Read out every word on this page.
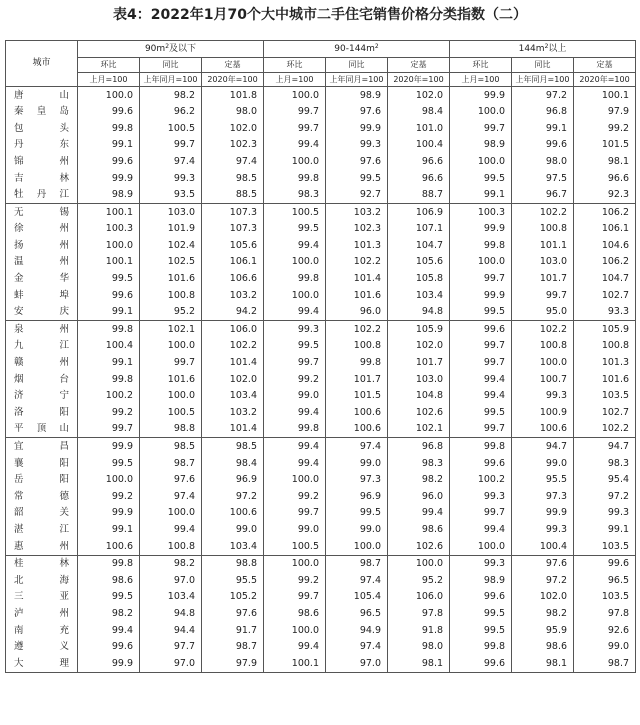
表4：2022年1月70个大中城市二手住宅销售价格分类指数（二）
城市	$90m^2$及以下			$90-144m^2$			$144m^2$以上		
	环比	同比	定基	环比	同比	定基	环比	同比	定基
	上月=100	上年同月=100	2020年=100	上月=100	上年同月=100	2020年=100	上月=100	上年同月=100	2020年=100
唐山	100.0	98.2	101.8	100.0	98.9	102.0	99.9	97.2	100.1
秦皇岛	99.6	96.2	98.0	99.7	97.6	98.4	100.0	96.8	97.9
包头	99.8	100.5	102.0	99.7	99.9	101.0	99.7	99.1	99.2
丹东	99.1	99.7	102.3	99.4	99.3	100.4	98.9	99.6	101.5
锦州	99.6	97.4	97.4	100.0	97.6	96.6	100.0	98.0	98.1
吉林	99.9	99.3	98.5	99.8	99.5	96.6	99.5	97.5	96.6
牡丹江	98.9	93.5	88.5	98.3	92.7	88.7	99.1	96.7	92.3
无锡	100.1	103.0	107.3	100.5	103.2	106.9	100.3	102.2	106.2
徐州	100.3	101.9	107.3	99.5	102.3	107.1	99.9	100.8	106.1
扬州	100.0	102.4	105.6	99.4	101.3	104.7	99.8	101.1	104.6
温州	100.1	102.5	106.1	100.0	102.2	105.6	100.0	103.0	106.2
金华	99.5	101.6	106.6	99.8	101.4	105.8	99.7	101.7	104.7
蚌埠	99.6	100.8	103.2	100.0	101.6	103.4	99.9	99.7	102.7
安庆	99.1	95.2	94.2	99.4	96.0	94.8	99.5	95.0	93.3
泉州	99.8	102.1	106.0	99.3	102.2	105.9	99.6	102.2	105.9
九江	100.4	100.0	102.2	99.5	100.8	102.0	99.7	100.8	100.8
赣州	99.1	99.7	101.4	99.7	99.8	101.7	99.7	100.0	101.3
烟台	99.8	101.6	102.0	99.2	101.7	103.0	99.4	100.7	101.6
济宁	100.2	100.0	103.4	99.0	101.5	104.8	99.4	99.3	103.5
洛阳	99.2	100.5	103.2	99.4	100.6	102.6	99.5	100.9	102.7
平顶山	99.7	98.8	101.4	99.8	100.6	102.1	99.7	100.6	102.2
宜昌	99.9	98.5	98.5	99.4	97.4	96.8	99.8	94.7	94.7
襄阳	99.5	98.7	98.4	99.4	99.0	98.3	99.6	99.0	98.3
岳阳	100.0	97.6	96.9	100.0	97.3	98.2	100.2	95.5	95.4
常德	99.2	97.4	97.2	99.2	96.9	96.0	99.3	97.3	97.2
韶关	99.9	100.0	100.6	99.7	99.5	99.4	99.7	99.9	99.3
湛江	99.1	99.4	99.0	99.0	99.0	98.6	99.4	99.3	99.1
惠州	100.6	100.8	103.4	100.5	100.0	102.6	100.0	100.4	103.5
桂林	99.8	98.2	98.8	100.0	98.7	100.0	99.3	97.6	99.6
北海	98.6	97.0	95.5	99.2	97.4	95.2	98.9	97.2	96.5
三亚	99.5	103.4	105.2	99.7	105.4	106.0	99.6	102.0	103.5
泸州	98.2	94.8	97.6	98.6	96.5	97.8	99.5	98.2	97.8
南充	99.4	94.4	91.7	100.0	94.9	91.8	99.5	95.9	92.6
遵义	99.6	97.7	98.7	99.4	97.4	98.0	99.8	98.6	99.0
大理	99.9	97.0	97.9	100.1	97.0	98.1	99.6	98.1	98.7
